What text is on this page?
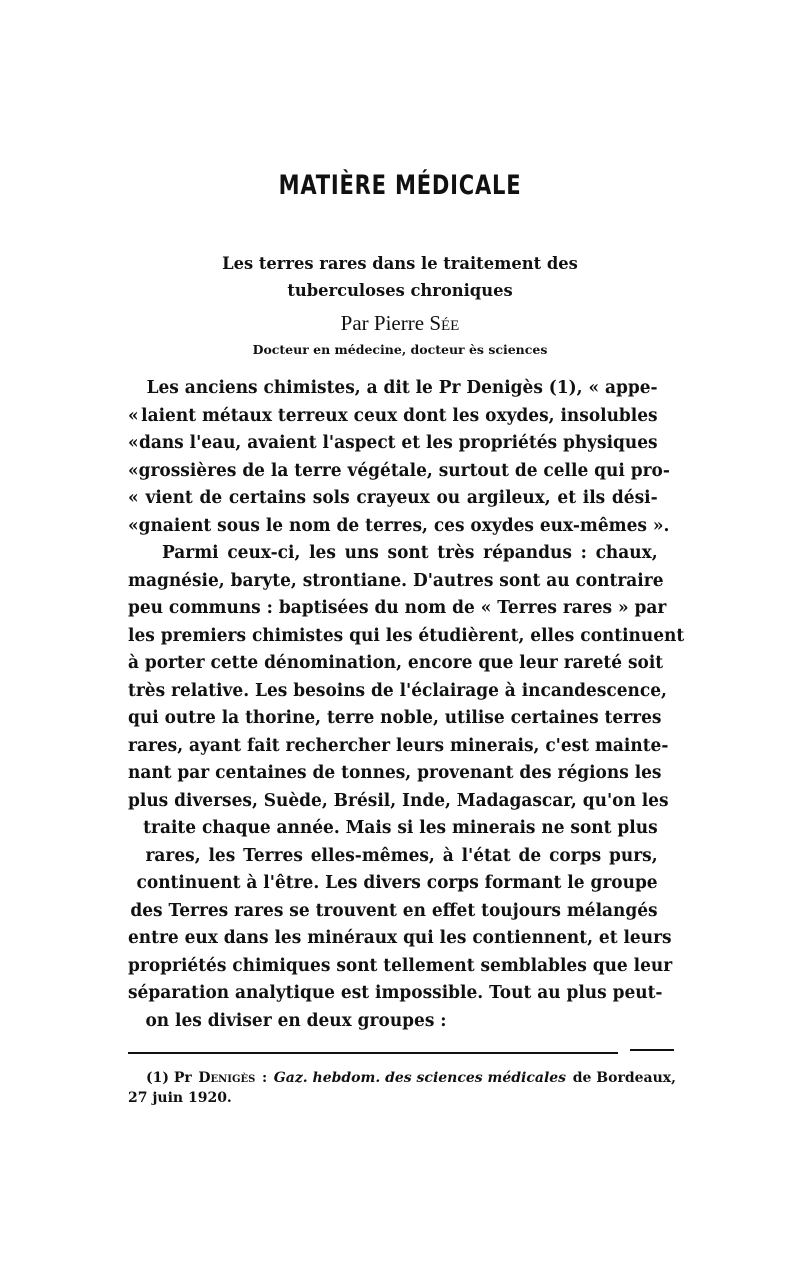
MATIÈRE MÉDICALE
Les terres rares dans le traitement des
tuberculoses chroniques
Par Pierre Sée
Docteur en médecine, docteur ès sciences
Les anciens chimistes, a dit le Pr Denigès (1), « appe-
« laient métaux terreux ceux dont les oxydes, insolubles
« dans l'eau, avaient l'aspect et les propriétés physiques
« grossières de la terre végétale, surtout de celle qui pro-
« vient de certains sols crayeux ou argileux, et ils dési-
« gnaient sous le nom de terres, ces oxydes eux-mêmes ».
Parmi ceux-ci, les uns sont très répandus : chaux,
magnésie, baryte, strontiane. D'autres sont au contraire
peu communs : baptisées du nom de « Terres rares » par
les premiers chimistes qui les étudièrent, elles continuent
à porter cette dénomination, encore que leur rareté soit
très relative. Les besoins de l'éclairage à incandescence,
qui outre la thorine, terre noble, utilise certaines terres
rares, ayant fait rechercher leurs minerais, c'est mainte-
nant par centaines de tonnes, provenant des régions les
plus diverses, Suède, Brésil, Inde, Madagascar, qu'on les
traite chaque année. Mais si les minerais ne sont plus
rares, les Terres elles-mêmes, à l'état de corps purs,
continuent à l'être. Les divers corps formant le groupe
des Terres rares se trouvent en effet toujours mélangés
entre eux dans les minéraux qui les contiennent, et leurs
propriétés chimiques sont tellement semblables que leur
séparation analytique est impossible. Tout au plus peut-
on les diviser en deux groupes :
(1) Pr Denigès : Gaz. hebdom. des sciences médicales de Bordeaux,
27 juin 1920.
